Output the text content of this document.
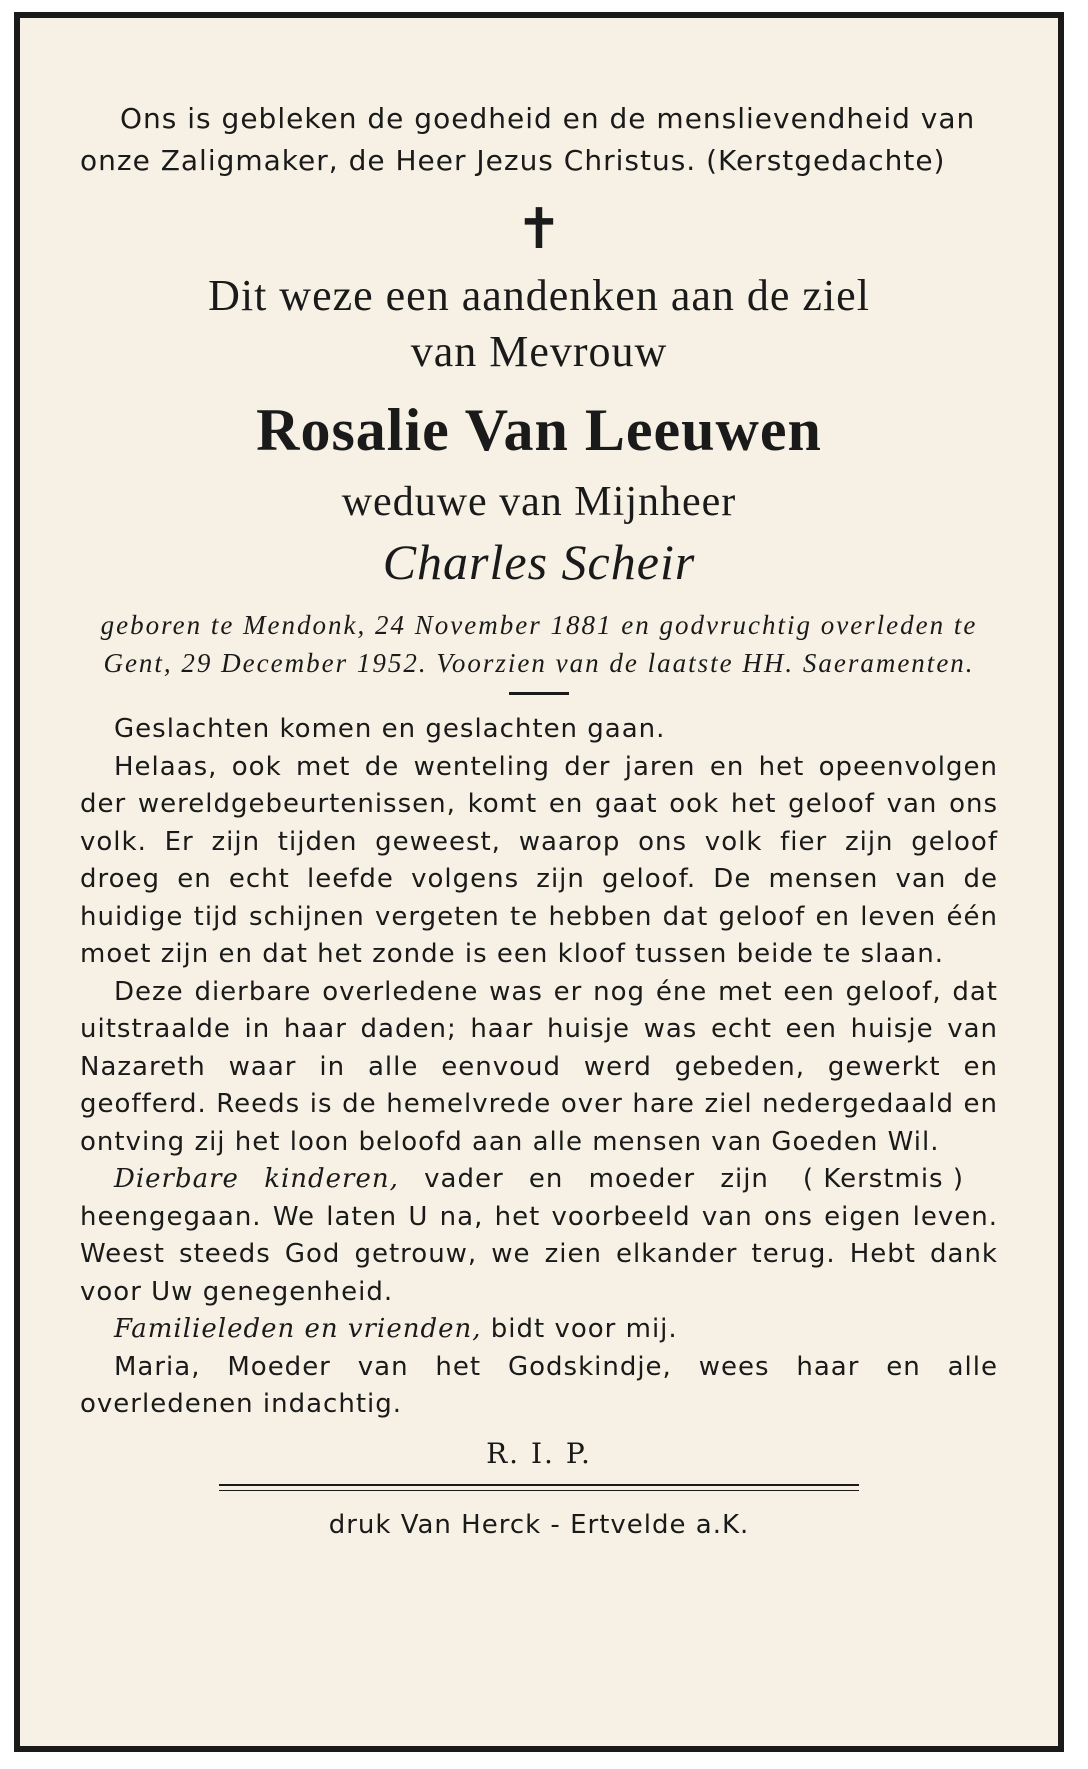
Ons is gebleken de goedheid en de menslievendheid van

onze Zaligmaker, de Heer Jezus Christus. (Kerstgedachte)

✝

Dit weze een aandenken aan de ziel

van Mevrouw

Rosalie Van Leeuwen

weduwe van Mijnheer

Charles Scheir

geboren te Mendonk, 24 November 1881 en godvruchtig overleden te Gent, 29 December 1952. Voorzien van de laatste HH. Saeramenten.

Geslachten komen en geslachten gaan.

Helaas, ook met de wenteling der jaren en het opeenvolgen der wereldgebeurtenissen, komt en gaat ook het geloof van ons volk. Er zijn tijden geweest, waarop ons volk fier zijn geloof droeg en echt leefde volgens zijn geloof. De mensen van de huidige tijd schijnen vergeten te hebben dat geloof en leven één moet zijn en dat het zonde is een kloof tussen beide te slaan.

Deze dierbare overledene was er nog éne met een geloof, dat uitstraalde in haar daden; haar huisje was echt een huisje van Nazareth waar in alle eenvoud werd gebeden, gewerkt en geofferd. Reeds is de hemelvrede over hare ziel nedergedaald en ontving zij het loon beloofd aan alle mensen van Goeden Wil.
( Kerstmis )

Dierbare kinderen, vader en moeder zijn heengegaan. We laten U na, het voorbeeld van ons eigen leven. Weest steeds God getrouw, we zien elkander terug. Hebt dank voor Uw genegenheid.

Familieleden en vrienden, bidt voor mij.

Maria, Moeder van het Godskindje, wees haar en alle overledenen indachtig.

R. I. P.

druk Van Herck - Ertvelde a.K.
